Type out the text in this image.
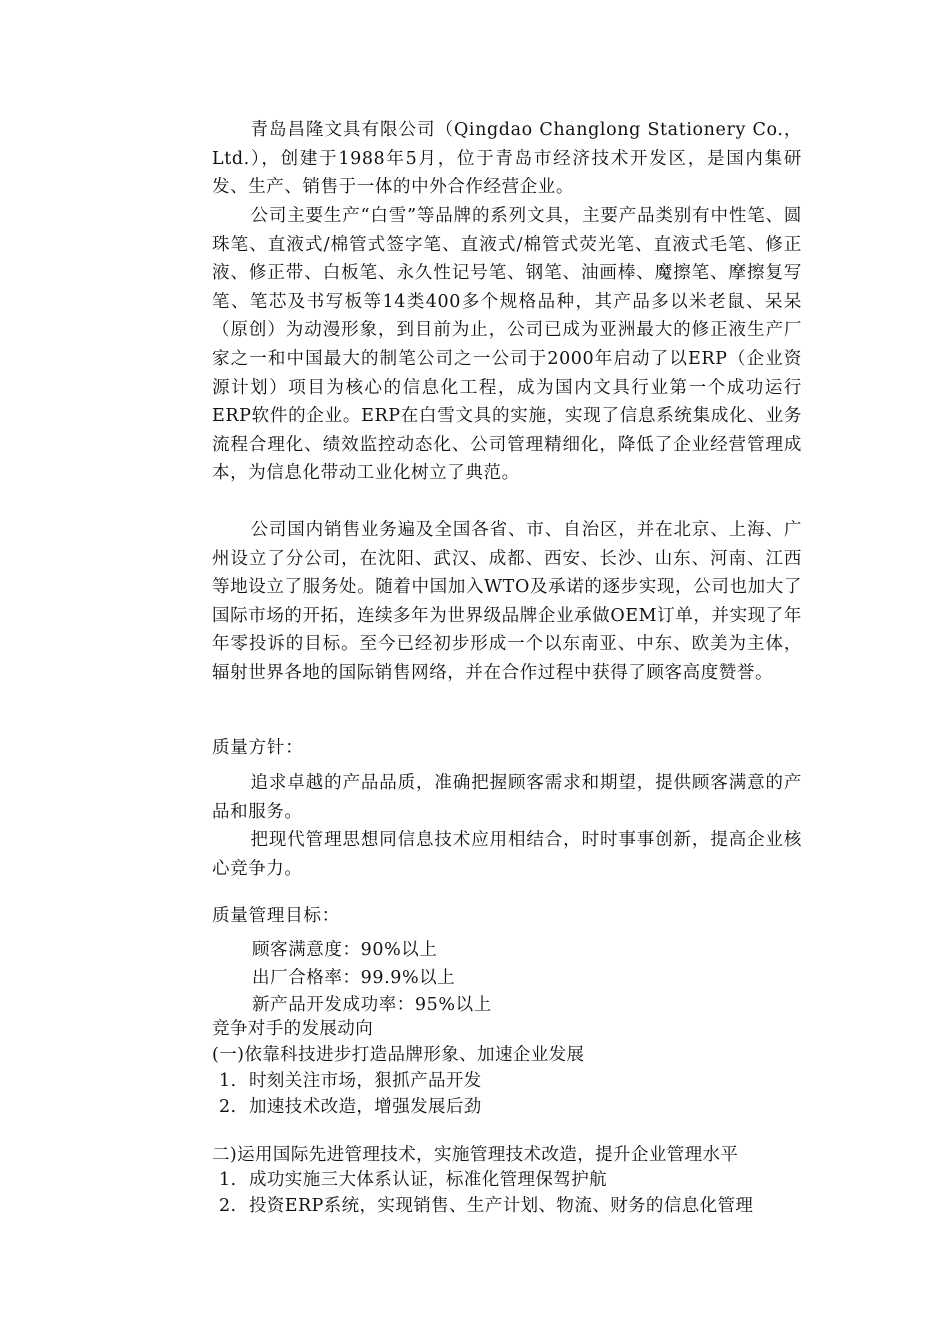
青岛昌隆文具有限公司（Qingdao Changlong Stationery Co.，Ltd.），创建于1988年5月，位于青岛市经济技术开发区，是国内集研发、生产、销售于一体的中外合作经营企业。

公司主要生产“白雪”等品牌的系列文具，主要产品类别有中性笔、圆珠笔、直液式/棉管式签字笔、直液式/棉管式荧光笔、直液式毛笔、修正液、修正带、白板笔、永久性记号笔、钢笔、油画棒、魔擦笔、摩擦复写笔、笔芯及书写板等14类400多个规格品种，其产品多以米老鼠、呆呆（原创）为动漫形象，到目前为止，公司已成为亚洲最大的修正液生产厂家之一和中国最大的制笔公司之一公司于2000年启动了以ERP（企业资源计划）项目为核心的信息化工程，成为国内文具行业第一个成功运行ERP软件的企业。ERP在白雪文具的实施，实现了信息系统集成化、业务流程合理化、绩效监控动态化、公司管理精细化，降低了企业经营管理成本，为信息化带动工业化树立了典范。

公司国内销售业务遍及全国各省、市、自治区，并在北京、上海、广州设立了分公司，在沈阳、武汉、成都、西安、长沙、山东、河南、江西等地设立了服务处。随着中国加入WTO及承诺的逐步实现，公司也加大了国际市场的开拓，连续多年为世界级品牌企业承做OEM订单，并实现了年年零投诉的目标。至今已经初步形成一个以东南亚、中东、欧美为主体，辐射世界各地的国际销售网络，并在合作过程中获得了顾客高度赞誉。

质量方针：

追求卓越的产品品质，准确把握顾客需求和期望，提供顾客满意的产品和服务。

把现代管理思想同信息技术应用相结合，时时事事创新，提高企业核心竞争力。

质量管理目标：

顾客满意度：90%以上

出厂合格率：99.9%以上

新产品开发成功率：95%以上

竞争对手的发展动向

(一)依靠科技进步打造品牌形象、加速企业发展

1. 时刻关注市场，狠抓产品开发

2. 加速技术改造，增强发展后劲

二)运用国际先进管理技术，实施管理技术改造，提升企业管理水平

1. 成功实施三大体系认证，标准化管理保驾护航

2. 投资ERP系统，实现销售、生产计划、物流、财务的信息化管理
